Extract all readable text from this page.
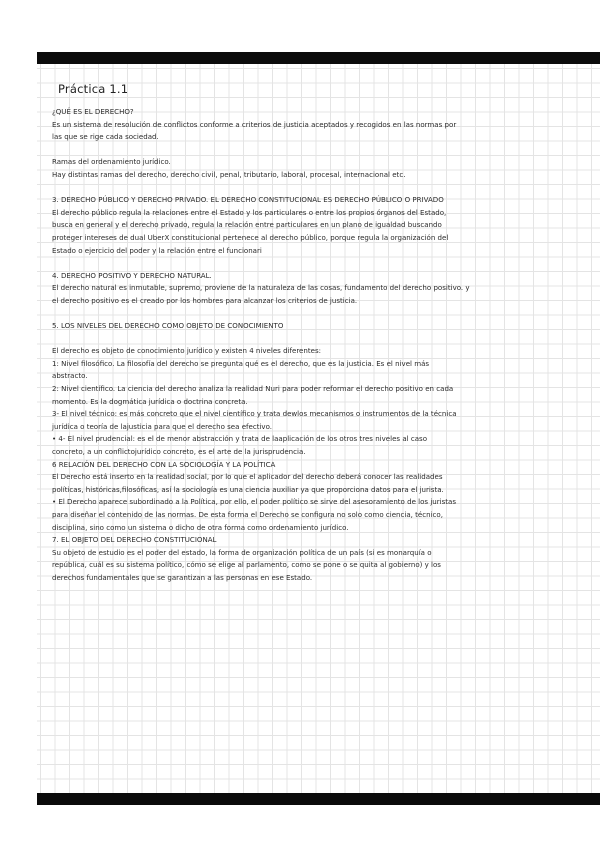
Práctica 1.1
¿QUÉ ES EL DERECHO?
Es un sistema de resolución de conflictos conforme a criterios de justicia aceptados y recogidos en las normas por
las que se rige cada sociedad.
Ramas del ordenamiento jurídico.
Hay distintas ramas del derecho, derecho civil, penal, tributario, laboral, procesal, internacional etc.
3. DERECHO PÚBLICO Y DERECHO PRIVADO. EL DERECHO CONSTITUCIONAL ES DERECHO PÚBLICO O PRIVADO
El derecho público regula la relaciones entre el Estado y los particulares o entre los propios órganos del Estado,
busca en general y el derecho privado, regula la relación entre particulares en un plano de igualdad buscando
proteger intereses de dual UberX constitucional pertenece al derecho público, porque regula la organización del
Estado o ejercicio del poder y la relación entre el funcionari
4. DERECHO POSITIVO Y DERECHO NATURAL.
El derecho natural es inmutable, supremo, proviene de la naturaleza de las cosas, fundamento del derecho positivo. y
el derecho positivo es el creado por los hombres para alcanzar los criterios de justicia.
5. LOS NIVELES DEL DERECHO COMO OBJETO DE CONOCIMIENTO
El derecho es objeto de conocimiento jurídico y existen 4 niveles diferentes:
1: Nivel filosófico. La filosofía del derecho se pregunta qué es el derecho, que es la justicia. Es el nivel más
abstracto.
2: Nivel científico. La ciencia del derecho analiza la realidad Nuri para poder reformar el derecho positivo en cada
momento. Es la dogmática jurídica o doctrina concreta.
3- El nivel técnico: es más concreto que el nivel científico y trata dewlos mecanismos o instrumentos de la técnica
jurídica o teoría de lajusticia para que el derecho sea efectivo.
• 4- El nivel prudencial: es el de menor abstracción y trata de laaplicación de los otros tres niveles al caso
concreto, a un conflictojurídico concreto, es el arte de la jurisprudencia.
6 RELACIÓN DEL DERECHO CON LA SOCIOLOGÍA Y LA POLÍTICA
El Derecho está inserto en la realidad social, por lo que el aplicador del derecho deberá conocer las realidades
políticas, históricas,filosóficas, así la sociología es una ciencia auxiliar ya que proporciona datos para el jurista.
• El Derecho aparece subordinado a la Política, por ello, el poder político se sirve del asesoramiento de los juristas
para diseñar el contenido de las normas. De esta forma el Derecho se configura no solo como ciencia, técnico,
disciplina, sino como un sistema o dicho de otra forma como ordenamiento jurídico.
7. EL OBJETO DEL DERECHO CONSTITUCIONAL
Su objeto de estudio es el poder del estado, la forma de organización política de un país (si es monarquía o
república, cuál es su sistema político, cómo se elige al parlamento, como se pone o se quita al gobierno) y los
derechos fundamentales que se garantizan a las personas en ese Estado.
